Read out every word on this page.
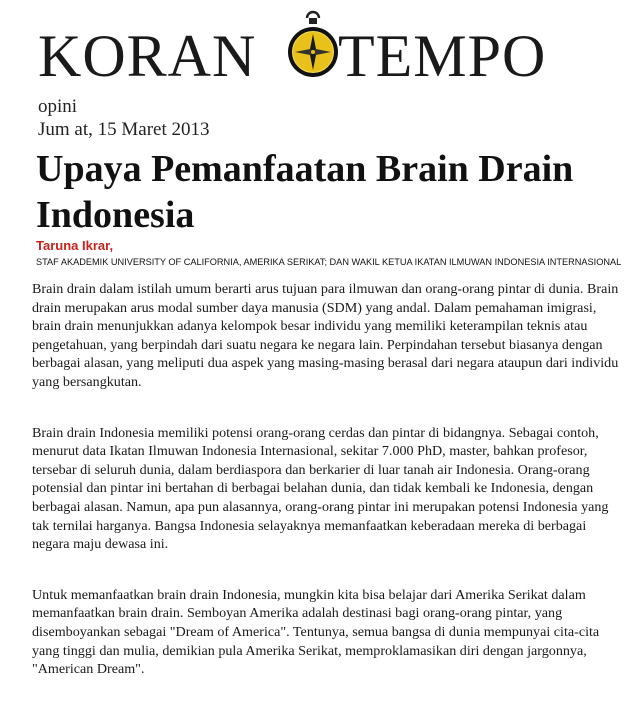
KORAN TEMPO
opini
Jum at, 15 Maret 2013
Upaya Pemanfaatan Brain Drain Indonesia
Taruna Ikrar,
STAF AKADEMIK UNIVERSITY OF CALIFORNIA, AMERIKA SERIKAT; DAN WAKIL KETUA IKATAN ILMUWAN INDONESIA INTERNASIONAL

Brain drain dalam istilah umum berarti arus tujuan para ilmuwan dan orang-orang pintar di dunia. Brain drain merupakan arus modal sumber daya manusia (SDM) yang andal. Dalam pemahaman imigrasi, brain drain menunjukkan adanya kelompok besar individu yang memiliki keterampilan teknis atau pengetahuan, yang berpindah dari suatu negara ke negara lain. Perpindahan tersebut biasanya dengan berbagai alasan, yang meliputi dua aspek yang masing-masing berasal dari negara ataupun dari individu yang bersangkutan.

Brain drain Indonesia memiliki potensi orang-orang cerdas dan pintar di bidangnya. Sebagai contoh, menurut data Ikatan Ilmuwan Indonesia Internasional, sekitar 7.000 PhD, master, bahkan profesor, tersebar di seluruh dunia, dalam berdiaspora dan berkarier di luar tanah air Indonesia. Orang-orang potensial dan pintar ini bertahan di berbagai belahan dunia, dan tidak kembali ke Indonesia, dengan berbagai alasan. Namun, apa pun alasannya, orang-orang pintar ini merupakan potensi Indonesia yang tak ternilai harganya. Bangsa Indonesia selayaknya memanfaatkan keberadaan mereka di berbagai negara maju dewasa ini.

Untuk memanfaatkan brain drain Indonesia, mungkin kita bisa belajar dari Amerika Serikat dalam memanfaatkan brain drain. Semboyan Amerika adalah destinasi bagi orang-orang pintar, yang disemboyankan sebagai "Dream of America". Tentunya, semua bangsa di dunia mempunyai cita-cita yang tinggi dan mulia, demikian pula Amerika Serikat, memproklamasikan diri dengan jargonnya, "American Dream".
